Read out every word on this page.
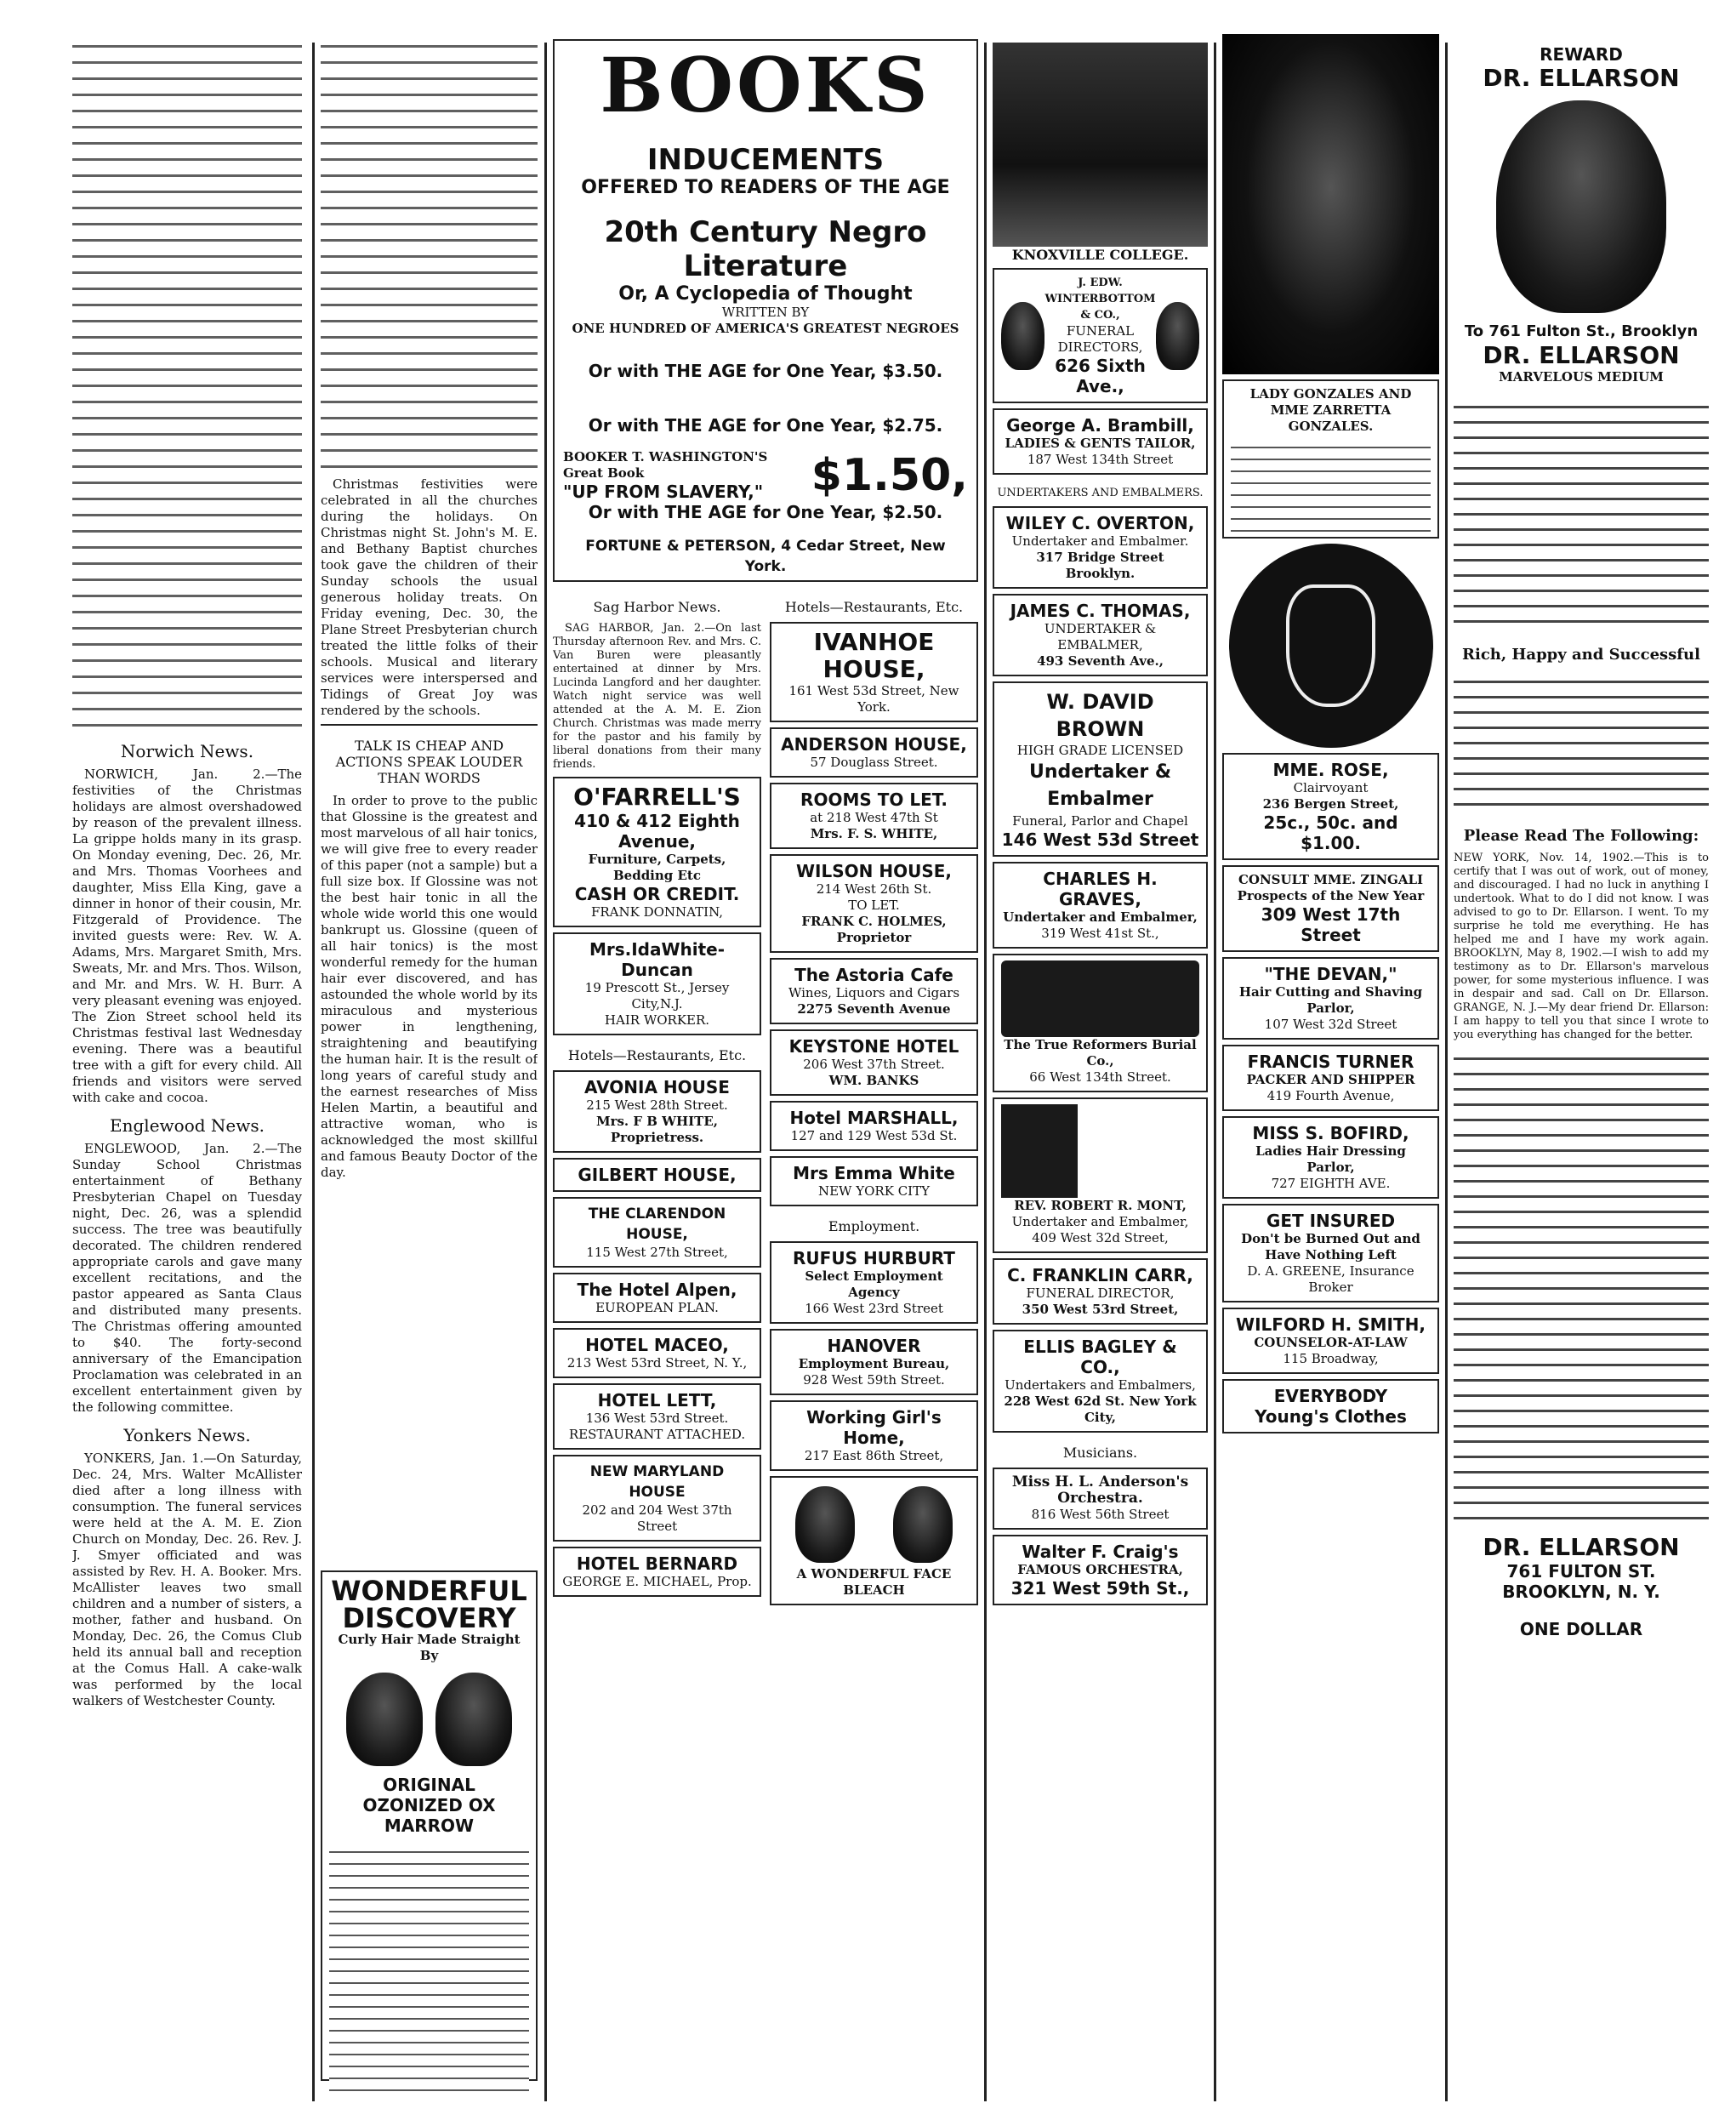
Norwich News.

NORWICH, Jan. 2.—The festivities of the Christmas holidays are almost overshadowed by reason of the prevalent illness. La grippe holds many in its grasp. On Monday evening, Dec. 26, Mr. and Mrs. Thomas Voorhees and daughter, Miss Ella King, gave a dinner in honor of their cousin, Mr. Fitzgerald of Providence. The invited guests were: Rev. W. A. Adams, Mrs. Margaret Smith, Mrs. Sweats, Mr. and Mrs. Thos. Wilson, and Mr. and Mrs. W. H. Burr. A very pleasant evening was enjoyed. The Zion Street school held its Christmas festival last Wednesday evening. There was a beautiful tree with a gift for every child. All friends and visitors were served with cake and cocoa.

Englewood News.

ENGLEWOOD, Jan. 2.—The Sunday School Christmas entertainment of Bethany Presbyterian Chapel on Tuesday night, Dec. 26, was a splendid success. The tree was beautifully decorated. The children rendered appropriate carols and gave many excellent recitations, and the pastor appeared as Santa Claus and distributed many presents. The Christmas offering amounted to $40. The forty-second anniversary of the Emancipation Proclamation was celebrated in an excellent entertainment given by the following committee.

Yonkers News.

YONKERS, Jan. 1.—On Saturday, Dec. 24, Mrs. Walter McAllister died after a long illness with consumption. The funeral services were held at the A. M. E. Zion Church on Monday, Dec. 26. Rev. J. J. Smyer officiated and was assisted by Rev. H. A. Booker. Mrs. McAllister leaves two small children and a number of sisters, a mother, father and husband. On Monday, Dec. 26, the Comus Club held its annual ball and reception at the Comus Hall. A cake-walk was performed by the local walkers of Westchester County.

Christmas festivities were celebrated in all the churches during the holidays. On Christmas night St. John's M. E. and Bethany Baptist churches took gave the children of their Sunday schools the usual generous holiday treats. On Friday evening, Dec. 30, the Plane Street Presbyterian church treated the little folks of their schools. Musical and literary services were interspersed and Tidings of Great Joy was rendered by the schools.

TALK IS CHEAP AND ACTIONS SPEAK LOUDER THAN WORDS

In order to prove to the public that Glossine is the greatest and most marvelous of all hair tonics, we will give free to every reader of this paper (not a sample) but a full size box. If Glossine was not the best hair tonic in all the whole wide world this one would bankrupt us. Glossine (queen of all hair tonics) is the most wonderful remedy for the human hair ever discovered, and has astounded the whole world by its miraculous and mysterious power in lengthening, straightening and beautifying the human hair. It is the result of long years of careful study and the earnest researches of Miss Helen Martin, a beautiful and attractive woman, who is acknowledged the most skillful and famous Beauty Doctor of the day.

WONDERFUL
DISCOVERY
Curly Hair Made Straight By
ORIGINAL
OZONIZED OX MARROW
BOOKS
INDUCEMENTS
OFFERED TO READERS OF THE AGE
20th Century Negro Literature
Or, A Cyclopedia of Thought
WRITTEN BY
ONE HUNDRED OF AMERICA'S GREATEST NEGROES
Or with THE AGE for One Year, $3.50.
Or with THE AGE for One Year, $2.75.
BOOKER T. WASHINGTON'S Great Book
"UP FROM SLAVERY,"	$1.50,
Or with THE AGE for One Year, $2.50.
FORTUNE & PETERSON, 4 Cedar Street, New York.
Sag Harbor News.

SAG HARBOR, Jan. 2.—On last Thursday afternoon Rev. and Mrs. C. Van Buren were pleasantly entertained at dinner by Mrs. Lucinda Langford and her daughter. Watch night service was well attended at the A. M. E. Zion Church. Christmas was made merry for the pastor and his family by liberal donations from their many friends.

O'FARRELL'S
410 & 412 Eighth Avenue,
Furniture, Carpets, Bedding Etc
CASH OR CREDIT.
FRANK DONNATIN,
Mrs.IdaWhite-Duncan
19 Prescott St., Jersey City,N.J.
HAIR WORKER.
Hotels—Restaurants, Etc.
AVONIA HOUSE
215 West 28th Street.
Mrs. F B WHITE, Proprietress.
GILBERT HOUSE,
THE CLARENDON HOUSE,
115 West 27th Street,
The Hotel Alpen,
EUROPEAN PLAN.
HOTEL MACEO,
213 West 53rd Street, N. Y.,
HOTEL LETT,
136 West 53rd Street.
RESTAURANT ATTACHED.
NEW MARYLAND HOUSE
202 and 204 West 37th Street
HOTEL BERNARD
GEORGE E. MICHAEL, Prop.
Hotels—Restaurants, Etc.
IVANHOE HOUSE,
161 West 53d Street, New York.
ANDERSON HOUSE,
57 Douglass Street.
ROOMS TO LET.
at 218 West 47th St
Mrs. F. S. WHITE,
WILSON HOUSE,
214 West 26th St.
TO LET.
FRANK C. HOLMES, Proprietor
The Astoria Cafe
Wines, Liquors and Cigars
2275 Seventh Avenue
KEYSTONE HOTEL
206 West 37th Street.
WM. BANKS
Hotel MARSHALL,
127 and 129 West 53d St.
Mrs Emma White
NEW YORK CITY
Employment.
RUFUS HURBURT
Select Employment Agency
166 West 23rd Street
HANOVER
Employment Bureau,
928 West 59th Street.
Working Girl's Home,
217 East 86th Street,
A WONDERFUL FACE BLEACH
KNOXVILLE COLLEGE.
J. EDW. WINTERBOTTOM & CO.,
FUNERAL DIRECTORS,
626 Sixth Ave.,
George A. Brambill,
LADIES & GENTS TAILOR,
187 West 134th Street
UNDERTAKERS AND EMBALMERS.
WILEY C. OVERTON,
Undertaker and Embalmer.
317 Bridge Street Brooklyn.
JAMES C. THOMAS,
UNDERTAKER & EMBALMER,
493 Seventh Ave.,
W. DAVID BROWN
HIGH GRADE LICENSED
Undertaker & Embalmer
Funeral, Parlor and Chapel
146 West 53d Street
CHARLES H. GRAVES,
Undertaker and Embalmer,
319 West 41st St.,
The True Reformers Burial Co.,
66 West 134th Street.
REV. ROBERT R. MONT,
Undertaker and Embalmer,
409 West 32d Street,
C. FRANKLIN CARR,
FUNERAL DIRECTOR,
350 West 53rd Street,
ELLIS BAGLEY & CO.,
Undertakers and Embalmers,
228 West 62d St. New York City,
Musicians.
Miss H. L. Anderson's Orchestra.
816 West 56th Street
Walter F. Craig's
FAMOUS ORCHESTRA,
321 West 59th St.,
LADY GONZALES AND MME ZARRETTA GONZALES.
MME. ROSE,
Clairvoyant
236 Bergen Street,
25c., 50c. and $1.00.
CONSULT MME. ZINGALI
Prospects of the New Year
309 West 17th Street
"THE DEVAN,"
Hair Cutting and Shaving Parlor,
107 West 32d Street
FRANCIS TURNER
PACKER AND SHIPPER
419 Fourth Avenue,
MISS S. BOFIRD,
Ladies Hair Dressing Parlor,
727 EIGHTH AVE.
GET INSURED
Don't be Burned Out and Have Nothing Left
D. A. GREENE, Insurance Broker
WILFORD H. SMITH,
COUNSELOR-AT-LAW
115 Broadway,
EVERYBODY
Young's Clothes
REWARD
DR. ELLARSON
To 761 Fulton St., Brooklyn
DR. ELLARSON
MARVELOUS MEDIUM
Rich, Happy and Successful
Please Read The Following:

NEW YORK, Nov. 14, 1902.—This is to certify that I was out of work, out of money, and discouraged. I had no luck in anything I undertook. What to do I did not know. I was advised to go to Dr. Ellarson. I went. To my surprise he told me everything. He has helped me and I have my work again. BROOKLYN, May 8, 1902.—I wish to add my testimony as to Dr. Ellarson's marvelous power, for some mysterious influence. I was in despair and sad. Call on Dr. Ellarson. GRANGE, N. J.—My dear friend Dr. Ellarson: I am happy to tell you that since I wrote to you everything has changed for the better.

DR. ELLARSON
761 FULTON ST.
BROOKLYN, N. Y.
ONE DOLLAR
